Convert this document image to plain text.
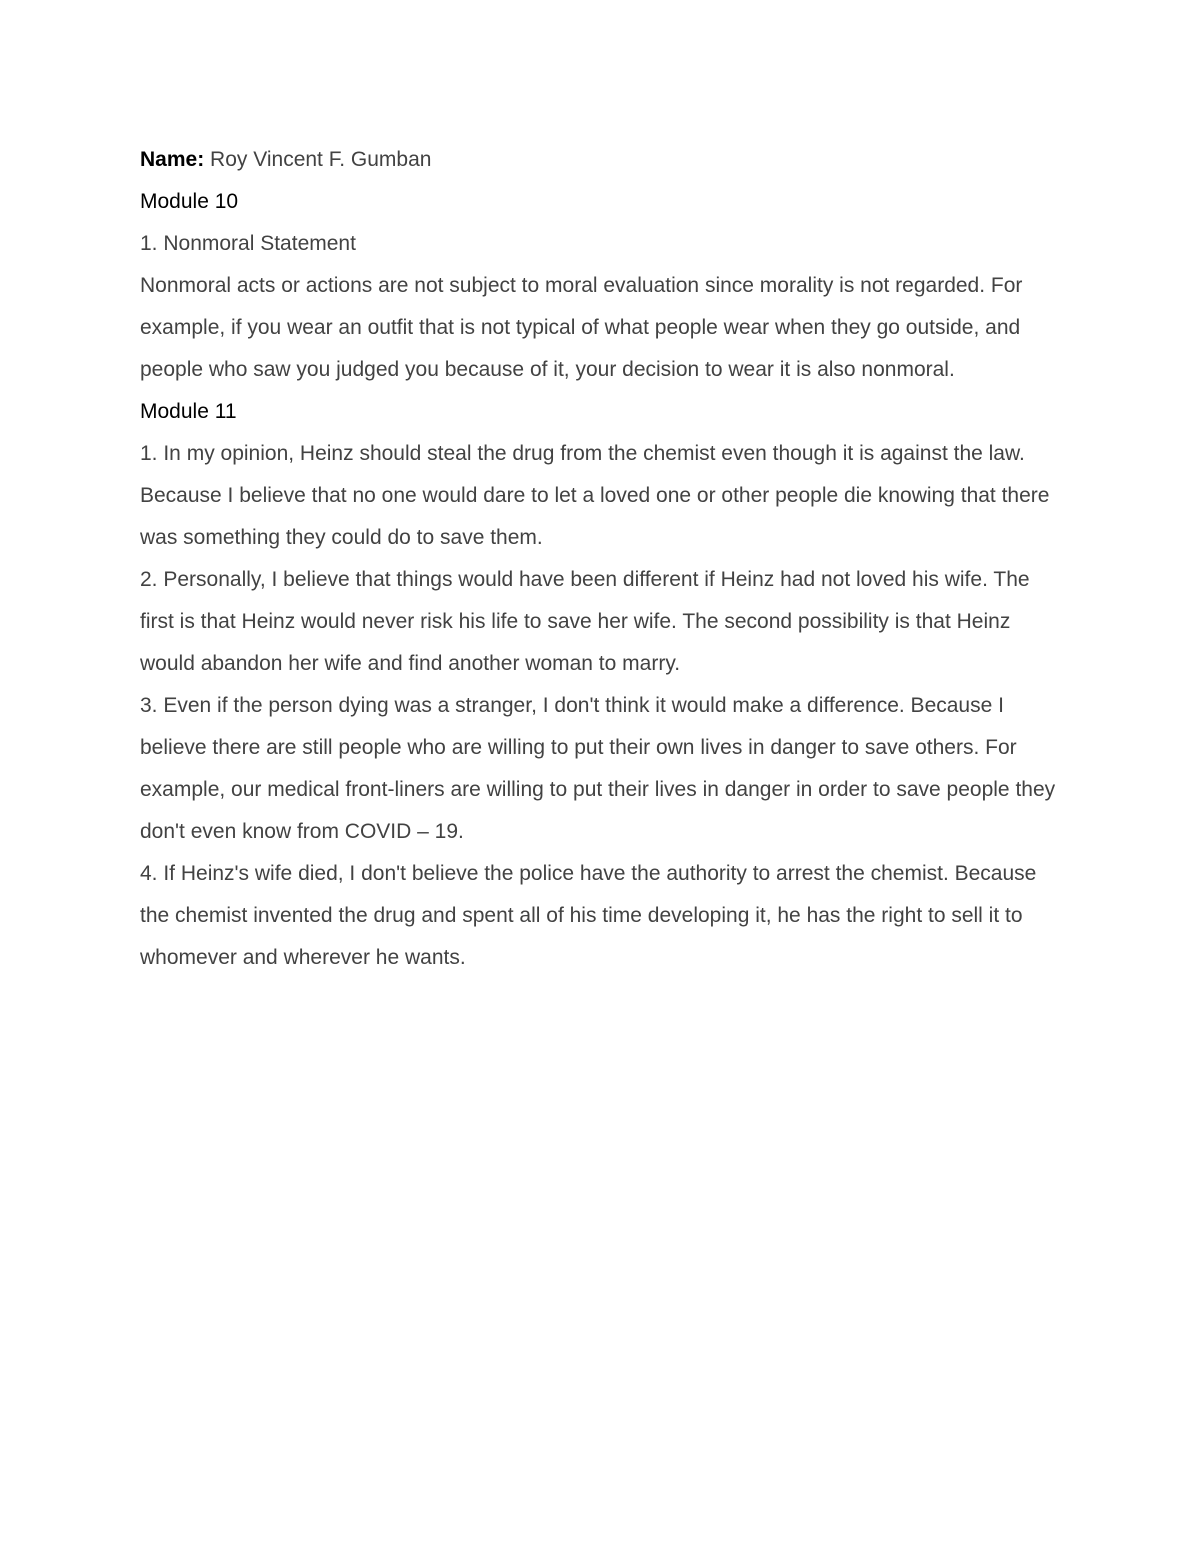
Name: Roy Vincent F. Gumban

Module 10

1. Nonmoral Statement

Nonmoral acts or actions are not subject to moral evaluation since morality is not regarded. For example, if you wear an outfit that is not typical of what people wear when they go outside, and people who saw you judged you because of it, your decision to wear it is also nonmoral.

Module 11

1. In my opinion, Heinz should steal the drug from the chemist even though it is against the law. Because I believe that no one would dare to let a loved one or other people die knowing that there was something they could do to save them.

2. Personally, I believe that things would have been different if Heinz had not loved his wife. The first is that Heinz would never risk his life to save her wife. The second possibility is that Heinz would abandon her wife and find another woman to marry.

3. Even if the person dying was a stranger, I don't think it would make a difference. Because I believe there are still people who are willing to put their own lives in danger to save others. For example, our medical front-liners are willing to put their lives in danger in order to save people they don't even know from COVID – 19.

4. If Heinz's wife died, I don't believe the police have the authority to arrest the chemist. Because the chemist invented the drug and spent all of his time developing it, he has the right to sell it to whomever and wherever he wants.
